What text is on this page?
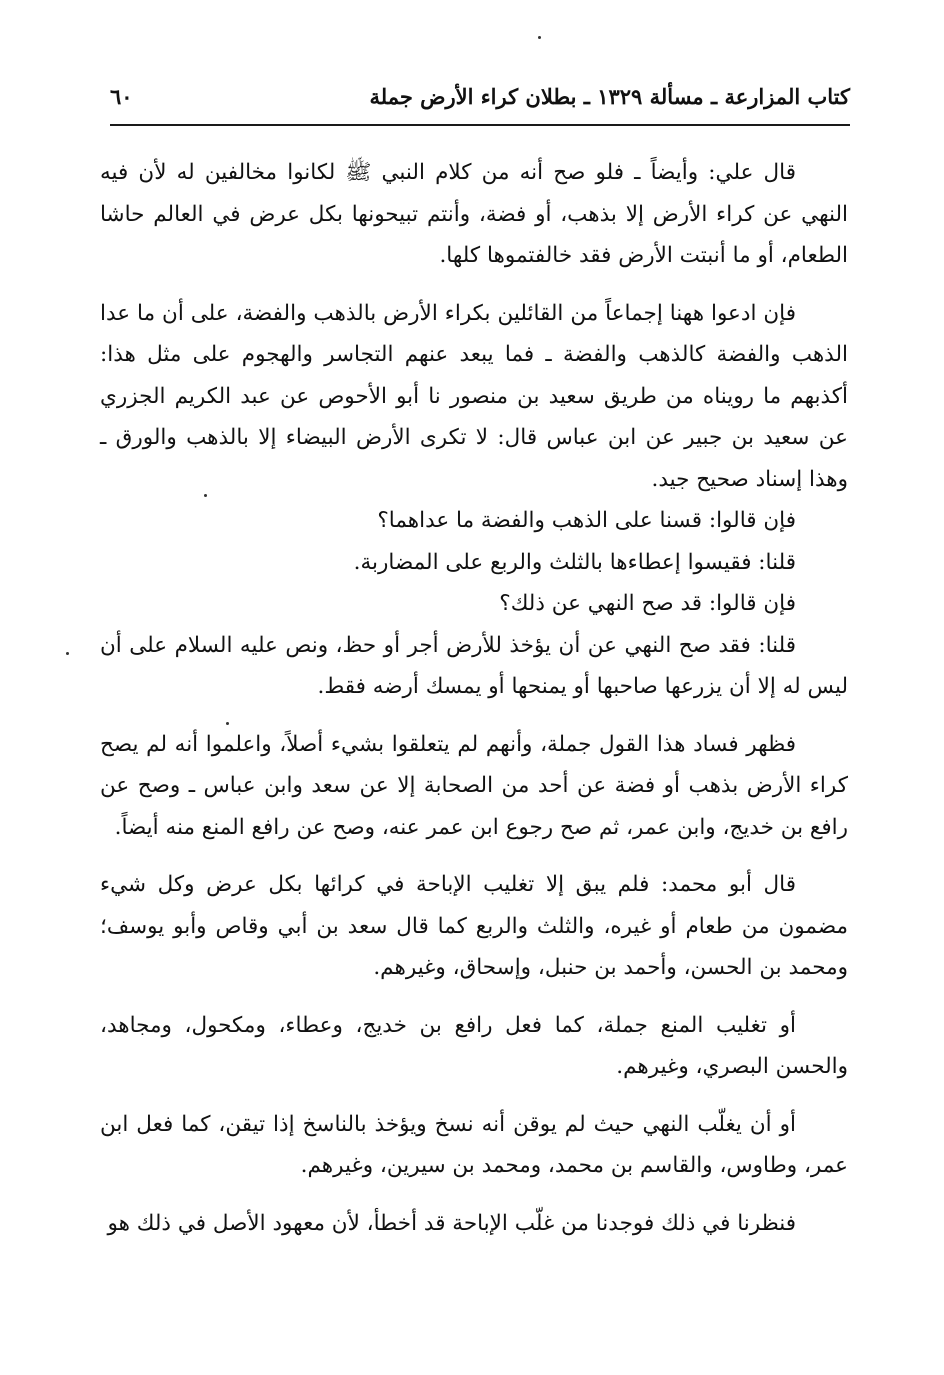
كتاب المزارعة ـ مسألة ١٣٢٩ ـ بطلان كراء الأرض جملة
٦٠

قال علي: وأيضاً ـ فلو صح أنه من كلام النبي ﷺ لكانوا مخالفين له لأن فيه النهي عن كراء الأرض إلا بذهب، أو فضة، وأنتم تبيحونها بكل عرض في العالم حاشا الطعام، أو ما أنبتت الأرض فقد خالفتموها كلها.

فإن ادعوا ههنا إجماعاً من القائلين بكراء الأرض بالذهب والفضة، على أن ما عدا الذهب والفضة كالذهب والفضة ـ فما يبعد عنهم التجاسر والهجوم على مثل هذا: أكذبهم ما رويناه من طريق سعيد بن منصور نا أبو الأحوص عن عبد الكريم الجزري عن سعيد بن جبير عن ابن عباس قال: لا تكرى الأرض البيضاء إلا بالذهب والورق ـ وهذا إسناد صحيح جيد.

فإن قالوا: قسنا على الذهب والفضة ما عداهما؟

قلنا: فقيسوا إعطاءها بالثلث والربع على المضاربة.

فإن قالوا: قد صح النهي عن ذلك؟

قلنا: فقد صح النهي عن أن يؤخذ للأرض أجر أو حظ، ونص عليه السلام على أن ليس له إلا أن يزرعها صاحبها أو يمنحها أو يمسك أرضه فقط.

فظهر فساد هذا القول جملة، وأنهم لم يتعلقوا بشيء أصلاً، واعلموا أنه لم يصح كراء الأرض بذهب أو فضة عن أحد من الصحابة إلا عن سعد وابن عباس ـ وصح عن رافع بن خديج، وابن عمر، ثم صح رجوع ابن عمر عنه، وصح عن رافع المنع منه أيضاً.

قال أبو محمد: فلم يبق إلا تغليب الإباحة في كرائها بكل عرض وكل شيء مضمون من طعام أو غيره، والثلث والربع كما قال سعد بن أبي وقاص وأبو يوسف؛ ومحمد بن الحسن، وأحمد بن حنبل، وإسحاق، وغيرهم.

أو تغليب المنع جملة، كما فعل رافع بن خديج، وعطاء، ومكحول، ومجاهد، والحسن البصري، وغيرهم.

أو أن يغلّب النهي حيث لم يوقن أنه نسخ ويؤخذ بالناسخ إذا تيقن، كما فعل ابن عمر، وطاوس، والقاسم بن محمد، ومحمد بن سيرين، وغيرهم.

فنظرنا في ذلك فوجدنا من غلّب الإباحة قد أخطأ، لأن معهود الأصل في ذلك هو
